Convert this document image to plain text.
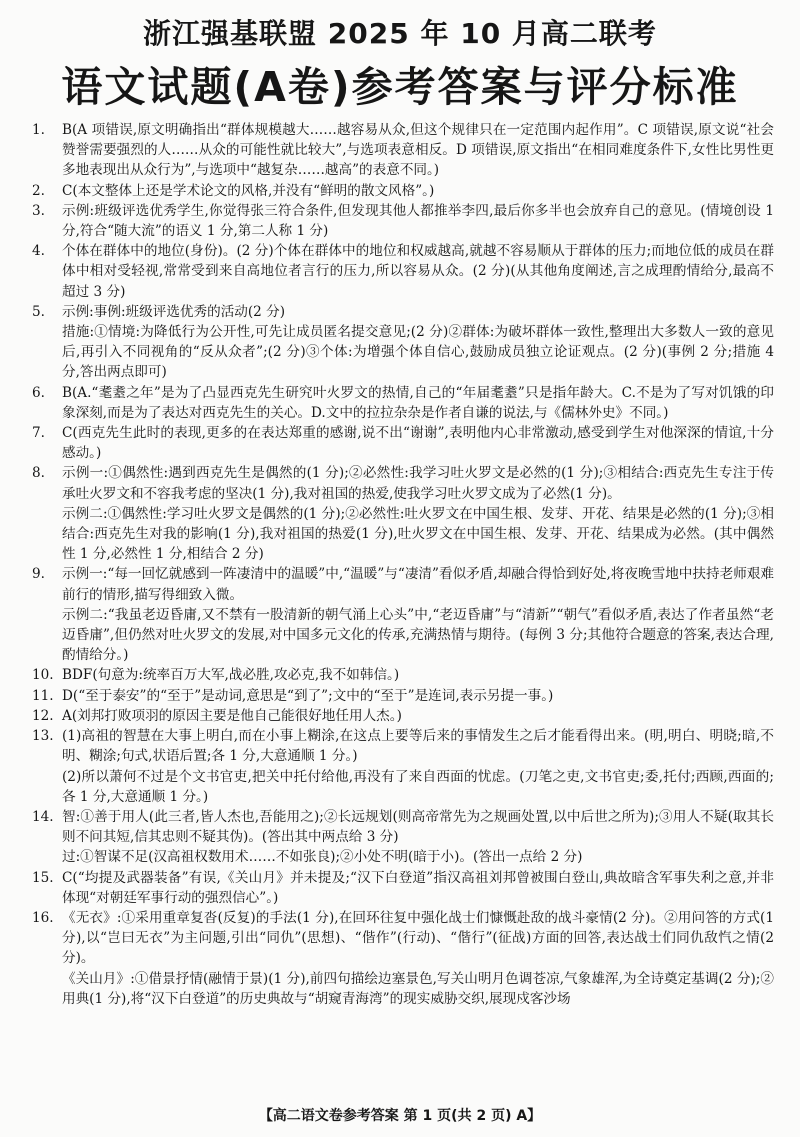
浙江强基联盟 2025 年 10 月高二联考
语文试题(A卷)参考答案与评分标准

1. B(A 项错误,原文明确指出“群体规模越大……越容易从众,但这个规律只在一定范围内起作用”。C 项错误,原文说“社会赞誉需要强烈的人……从众的可能性就比较大”,与选项表意相反。D 项错误,原文指出“在相同难度条件下,女性比男性更多地表现出从众行为”,与选项中“越复杂……越高”的表意不同。)

2. C(本文整体上还是学术论文的风格,并没有“鲜明的散文风格”。)

3. 示例:班级评选优秀学生,你觉得张三符合条件,但发现其他人都推举李四,最后你多半也会放弃自己的意见。(情境创设 1 分,符合“随大流”的语义 1 分,第二人称 1 分)

4. 个体在群体中的地位(身份)。(2 分)个体在群体中的地位和权威越高,就越不容易顺从于群体的压力;而地位低的成员在群体中相对受轻视,常常受到来自高地位者言行的压力,所以容易从众。(2 分)(从其他角度阐述,言之成理酌情给分,最高不超过 3 分)

5. 示例:事例:班级评选优秀的活动(2 分)

措施:①情境:为降低行为公开性,可先让成员匿名提交意见;(2 分)②群体:为破坏群体一致性,整理出大多数人一致的意见后,再引入不同视角的“反从众者”;(2 分)③个体:为增强个体自信心,鼓励成员独立论证观点。(2 分)(事例 2 分;措施 4 分,答出两点即可)

6. B(A.“耄耋之年”是为了凸显西克先生研究叶火罗文的热情,自己的“年届耄耋”只是指年龄大。C.不是为了写对饥饿的印象深刻,而是为了表达对西克先生的关心。D.文中的拉拉杂杂是作者自谦的说法,与《儒林外史》不同。)

7. C(西克先生此时的表现,更多的在表达郑重的感谢,说不出“谢谢”,表明他内心非常激动,感受到学生对他深深的情谊,十分感动。)

8. 示例一:①偶然性:遇到西克先生是偶然的(1 分);②必然性:我学习吐火罗文是必然的(1 分);③相结合:西克先生专注于传承吐火罗文和不容我考虑的坚决(1 分),我对祖国的热爱,使我学习吐火罗文成为了必然(1 分)。

示例二:①偶然性:学习吐火罗文是偶然的(1 分);②必然性:吐火罗文在中国生根、发芽、开花、结果是必然的(1 分);③相结合:西克先生对我的影响(1 分),我对祖国的热爱(1 分),吐火罗文在中国生根、发芽、开花、结果成为必然。(其中偶然性 1 分,必然性 1 分,相结合 2 分)

9. 示例一:“每一回忆就感到一阵凄清中的温暖”中,“温暖”与“凄清”看似矛盾,却融合得恰到好处,将夜晚雪地中扶持老师艰难前行的情形,描写得细致入微。

示例二:“我虽老迈昏庸,又不禁有一股清新的朝气涌上心头”中,“老迈昏庸”与“清新”“朝气”看似矛盾,表达了作者虽然“老迈昏庸”,但仍然对吐火罗文的发展,对中国多元文化的传承,充满热情与期待。(每例 3 分;其他符合题意的答案,表达合理,酌情给分。)

10. BDF(句意为:统率百万大军,战必胜,攻必克,我不如韩信。)

11. D(“至于泰安”的“至于”是动词,意思是“到了”;文中的“至于”是连词,表示另提一事。)

12. A(刘邦打败项羽的原因主要是他自己能很好地任用人杰。)

13. (1)高祖的智慧在大事上明白,而在小事上糊涂,在这点上要等后来的事情发生之后才能看得出来。(明,明白、明晓;暗,不明、糊涂;句式,状语后置;各 1 分,大意通顺 1 分。)

(2)所以萧何不过是个文书官吏,把关中托付给他,再没有了来自西面的忧虑。(刀笔之吏,文书官吏;委,托付;西顾,西面的;各 1 分,大意通顺 1 分。)

14. 智:①善于用人(此三者,皆人杰也,吾能用之);②长远规划(则高帝常先为之规画处置,以中后世之所为);③用人不疑(取其长则不问其短,信其忠则不疑其伪)。(答出其中两点给 3 分)

过:①智谋不足(汉高祖权数用术……不如张良);②小处不明(暗于小)。(答出一点给 2 分)

15. C(“均提及武器装备”有误,《关山月》并未提及;“汉下白登道”指汉高祖刘邦曾被围白登山,典故暗含军事失利之意,并非体现“对朝廷军事行动的强烈信心”。)

16. 《无衣》:①采用重章复沓(反复)的手法(1 分),在回环往复中强化战士们慷慨赴敌的战斗豪情(2 分)。②用问答的方式(1 分),以“岂曰无衣”为主问题,引出“同仇”(思想)、“偕作”(行动)、“偕行”(征战)方面的回答,表达战士们同仇敌忾之情(2 分)。

《关山月》:①借景抒情(融情于景)(1 分),前四句描绘边塞景色,写关山明月色调苍凉,气象雄浑,为全诗奠定基调(2 分);②用典(1 分),将“汉下白登道”的历史典故与“胡窥青海湾”的现实威胁交织,展现戍客沙场

【高二语文卷参考答案 第 1 页(共 2 页) A】
